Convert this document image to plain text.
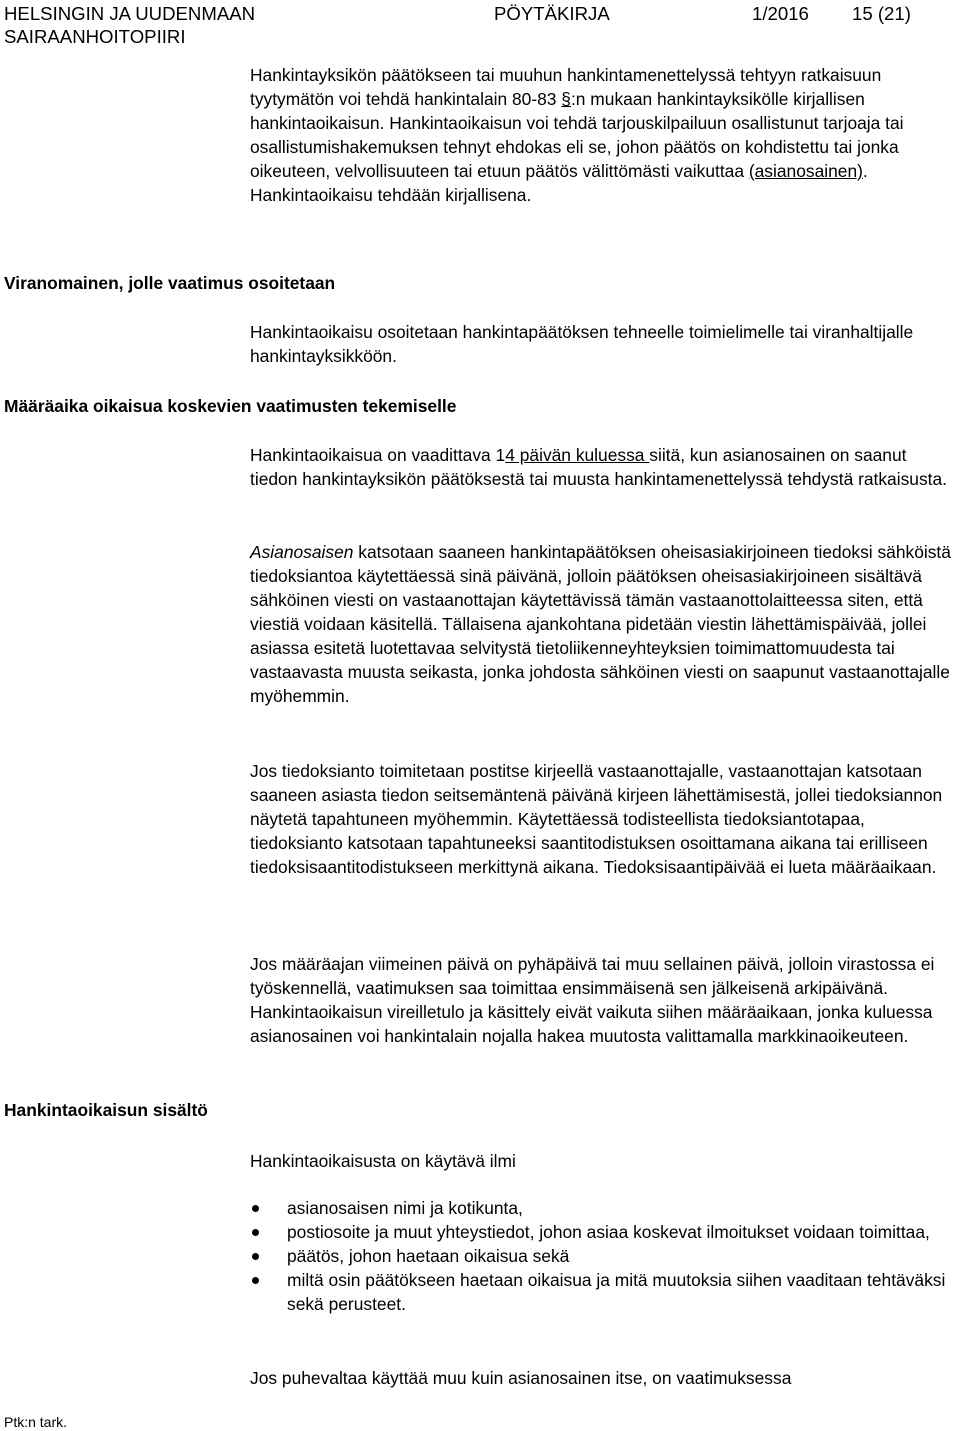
HELSINGIN JA UUDENMAAN
SAIRAANHOITOPIIRI
PÖYTÄKIRJA	1/2016 15 (21)

Hankintayksikön päätökseen tai muuhun hankintamenettelyssä tehtyyn ratkaisuun tyytymätön voi tehdä hankintalain 80-83 §:n mukaan hankintayksikölle kirjallisen hankintaoikaisun. Hankintaoikaisun voi tehdä tarjouskilpailuun osallistunut tarjoaja tai osallistumishakemuksen tehnyt ehdokas eli se, johon päätös on kohdistettu tai jonka oikeuteen, velvollisuuteen tai etuun päätös välittömästi vaikuttaa (asianosainen). Hankintaoikaisu tehdään kirjallisena.

Viranomainen, jolle vaatimus osoitetaan

Hankintaoikaisu osoitetaan hankintapäätöksen tehneelle toimielimelle tai viranhaltijalle hankintayksikköön.

Määräaika oikaisua koskevien vaatimusten tekemiselle

Hankintaoikaisua on vaadittava 14 päivän kuluessa siitä, kun asianosainen on saanut tiedon hankintayksikön päätöksestä tai muusta hankintamenettelyssä tehdystä ratkaisusta.

Asianosaisen katsotaan saaneen hankintapäätöksen oheisasiakirjoineen tiedoksi sähköistä tiedoksiantoa käytettäessä sinä päivänä, jolloin päätöksen oheisasiakirjoineen sisältävä sähköinen viesti on vastaanottajan käytettävissä tämän vastaanottolaitteessa siten, että viestiä voidaan käsitellä. Tällaisena ajankohtana pidetään viestin lähettämispäivää, jollei asiassa esitetä luotettavaa selvitystä tietoliikenneyhteyksien toimimattomuudesta tai vastaavasta muusta seikasta, jonka johdosta sähköinen viesti on saapunut vastaanottajalle myöhemmin.

Jos tiedoksianto toimitetaan postitse kirjeellä vastaanottajalle, vastaanottajan katsotaan saaneen asiasta tiedon seitsemäntenä päivänä kirjeen lähettämisestä, jollei tiedoksiannon näytetä tapahtuneen myöhemmin. Käytettäessä todisteellista tiedoksiantotapaa, tiedoksianto katsotaan tapahtuneeksi saantitodistuksen osoittamana aikana tai erilliseen tiedoksisaantitodistukseen merkittynä aikana. Tiedoksisaantipäivää ei lueta määräaikaan.

Jos määräajan viimeinen päivä on pyhäpäivä tai muu sellainen päivä, jolloin virastossa ei työskennellä, vaatimuksen saa toimittaa ensimmäisenä sen jälkeisenä arkipäivänä. Hankintaoikaisun vireilletulo ja käsittely eivät vaikuta siihen määräaikaan, jonka kuluessa asianosainen voi hankintalain nojalla hakea muutosta valittamalla markkinaoikeuteen.

Hankintaoikaisun sisältö

Hankintaoikaisusta on käytävä ilmi

asianosaisen nimi ja kotikunta,
postiosoite ja muut yhteystiedot, johon asiaa koskevat ilmoitukset voidaan toimittaa,
päätös, johon haetaan oikaisua sekä
miltä osin päätökseen haetaan oikaisua ja mitä muutoksia siihen vaaditaan tehtäväksi sekä perusteet.

Jos puhevaltaa käyttää muu kuin asianosainen itse, on vaatimuksessa

Ptk:n tark.
